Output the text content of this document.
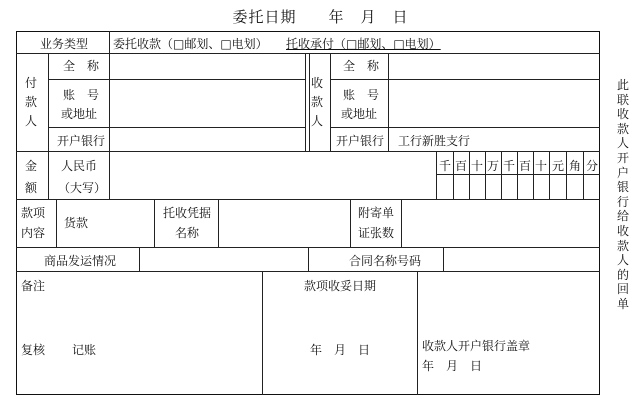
委托日期　　年　月　日
业务类型 委托收款（□邮划、□电划） 托收承付（□邮划、□电划）
付
款
人
全　称
账　号
或地址
开户银行
收
款
人
全　称
账　号
或地址
开户银行 工行新胜支行
金
额
人民币
（大写）
千 百 十 万 千 百 十 元 角 分
款项
内容
货款
托收凭据
名称
附寄单
证张数
商品发运情况	合同名称号码
备注
复核 记账
款项收妥日期
年　月　日	收款人开户银行盖章
年　月　日
此联收款人开户银行给收款人的回单
